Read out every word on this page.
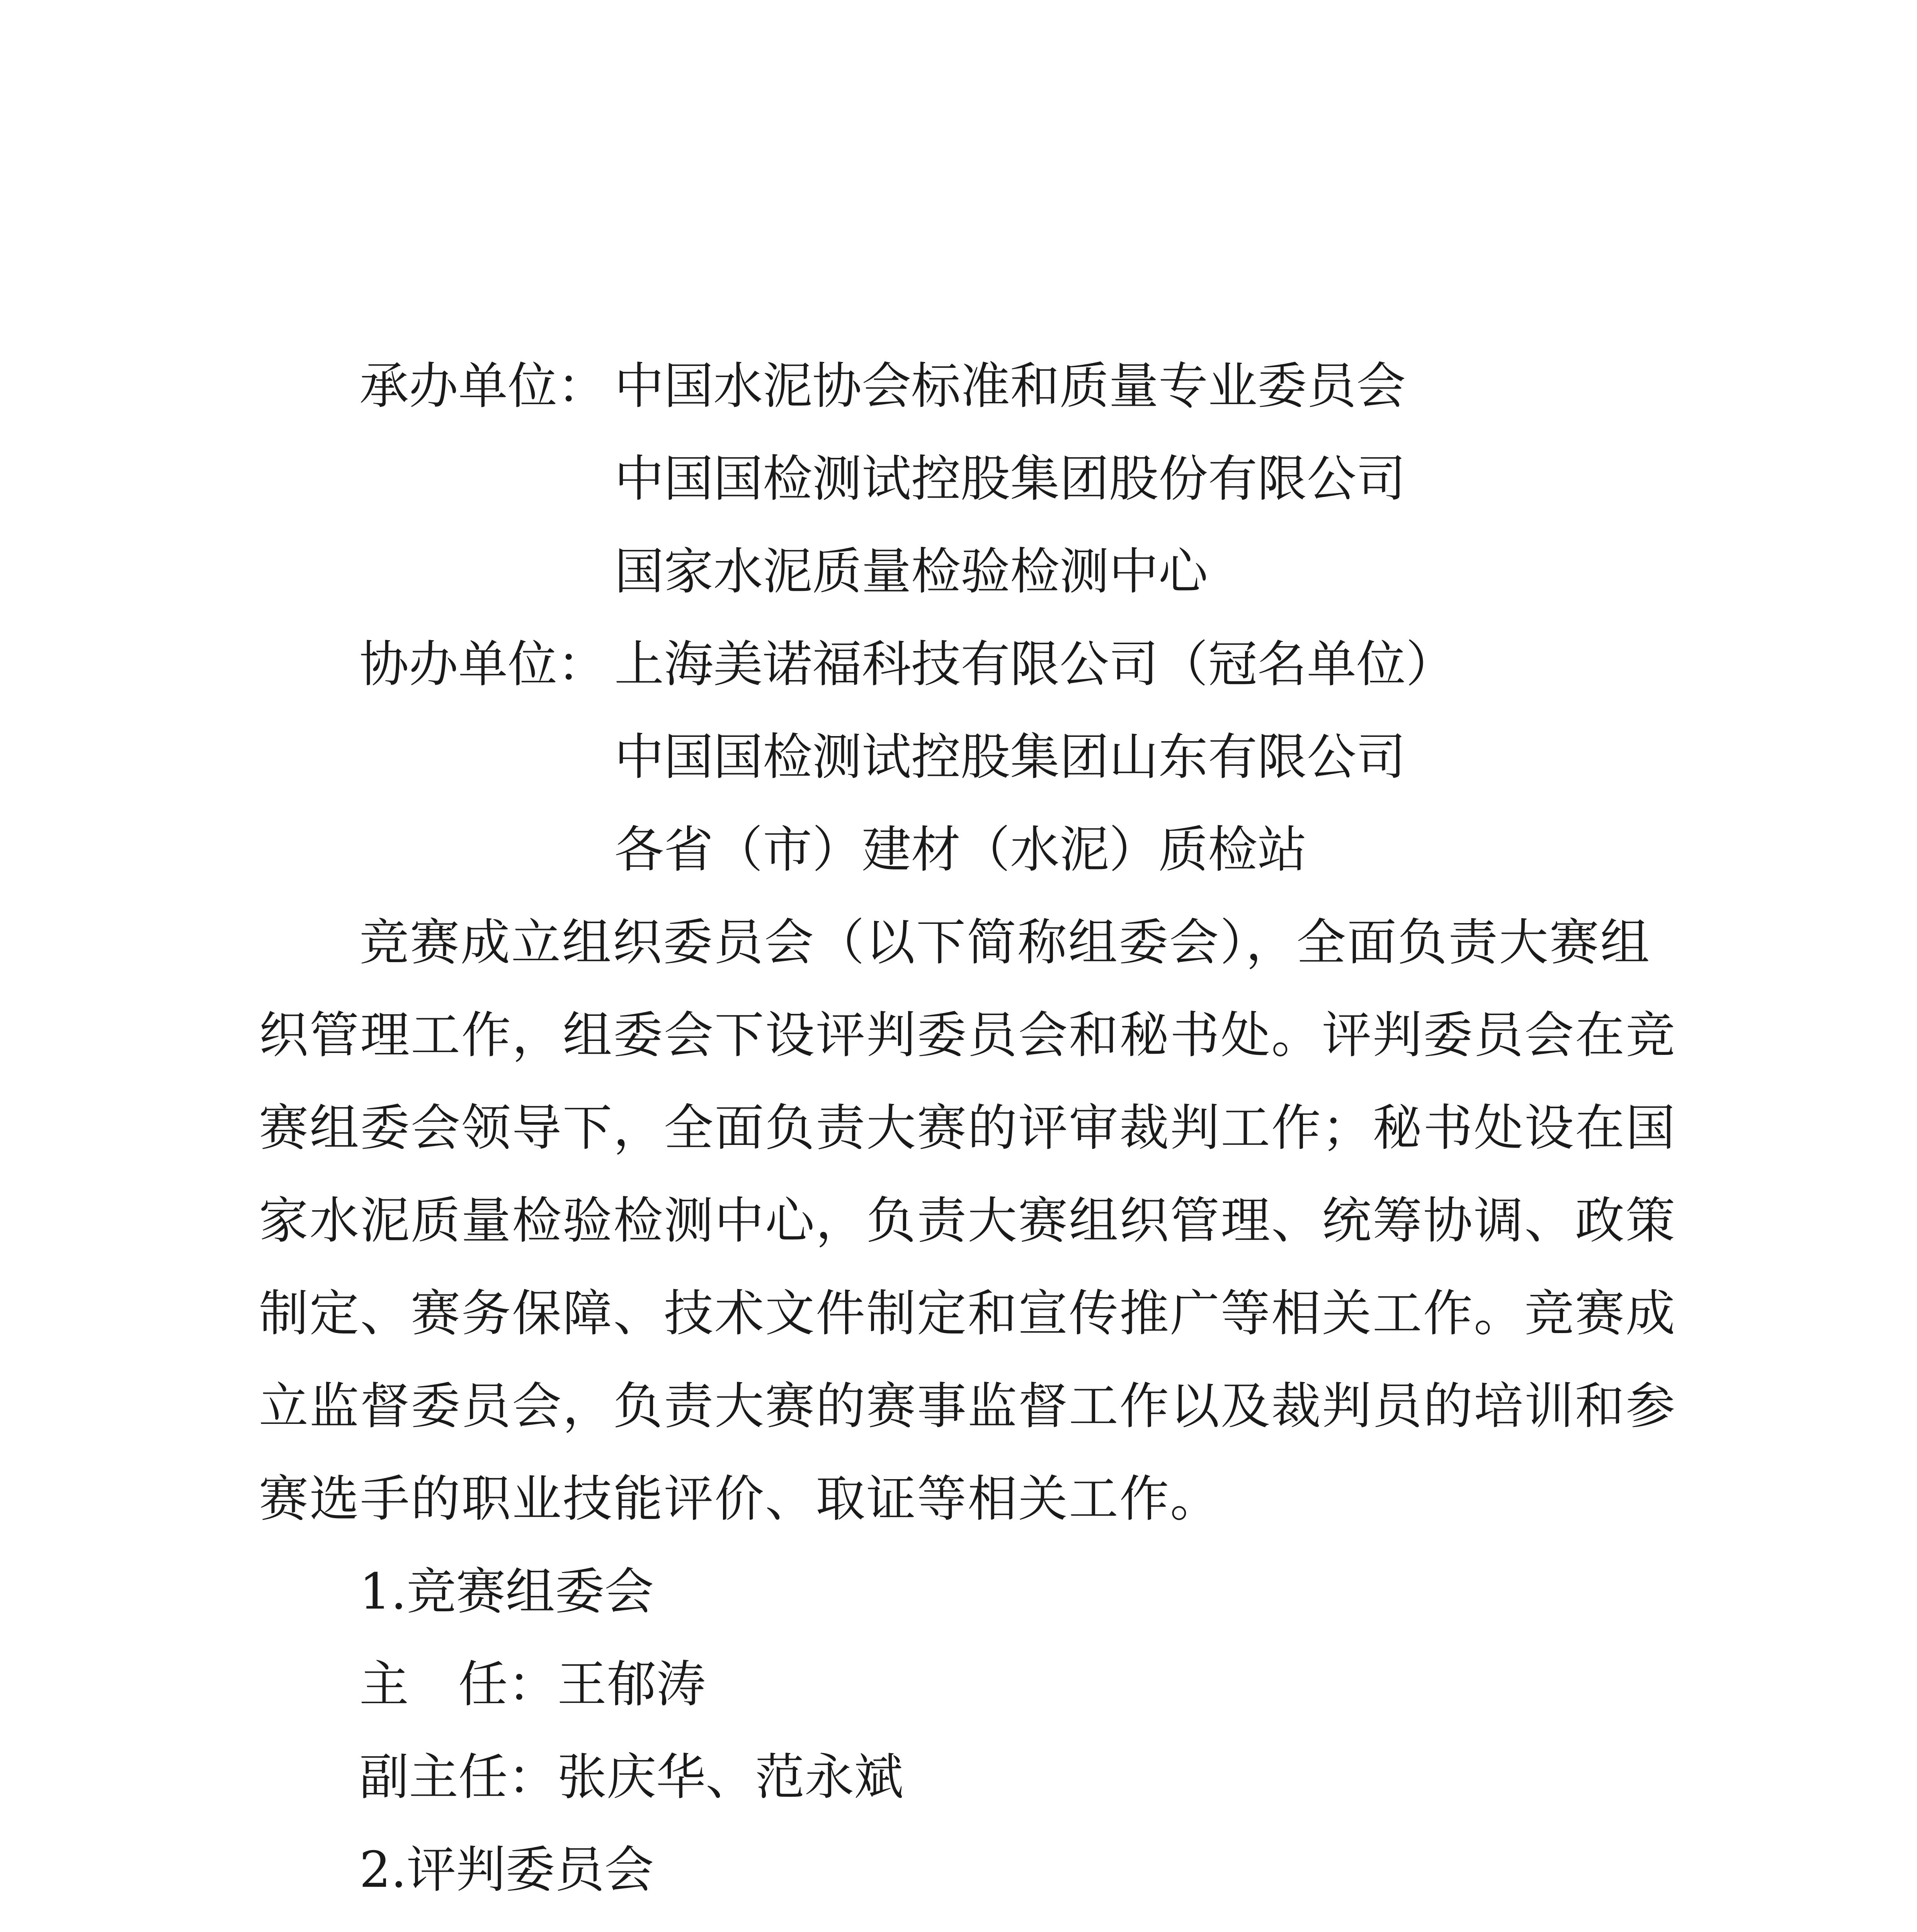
承办单位： 中国水泥协会标准和质量专业委员会
中国国检测试控股集团股份有限公司
国家水泥质量检验检测中心
协办单位： 上海美诺福科技有限公司（冠名单位）
中国国检测试控股集团山东有限公司
各省（市）建材（水泥）质检站
竞赛成立组织委员会（以下简称组委会），全面负责大赛组
织管理工作，组委会下设评判委员会和秘书处。评判委员会在竞
赛组委会领导下，全面负责大赛的评审裁判工作；秘书处设在国
家水泥质量检验检测中心，负责大赛组织管理、统筹协调、政策
制定、赛务保障、技术文件制定和宣传推广等相关工作。竞赛成
立监督委员会，负责大赛的赛事监督工作以及裁判员的培训和参
赛选手的职业技能评价、取证等相关工作。
1.竞赛组委会
主　任：王郁涛
副主任：张庆华、范永斌
2.评判委员会
